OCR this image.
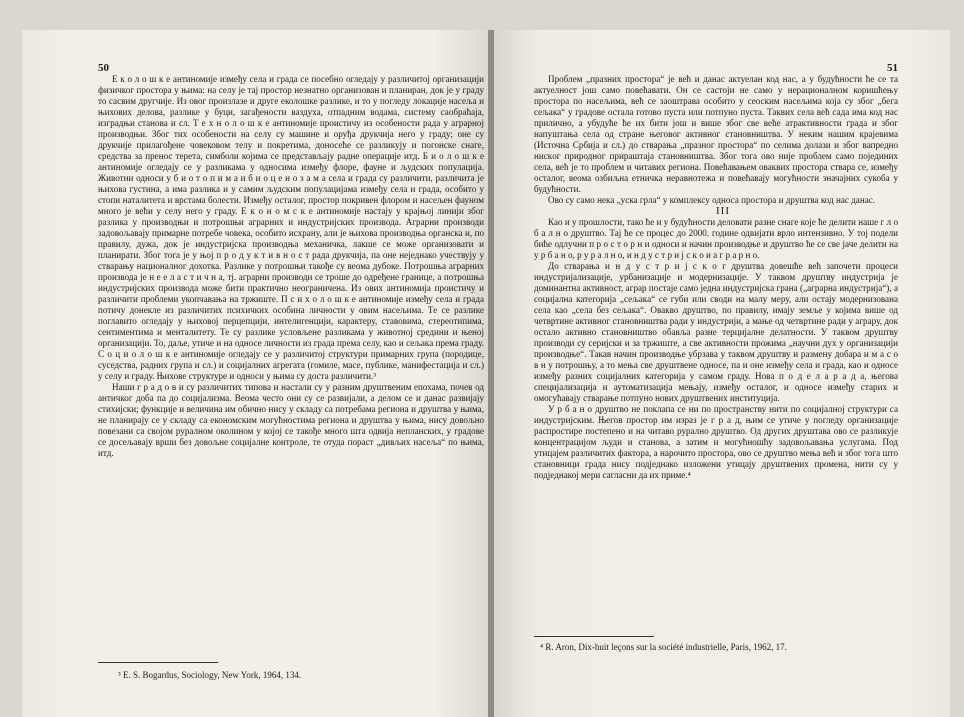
50

Е к о л о ш к е антиномије између села и града се посебно огледају у различитој организацији физичког простора у њима: на селу је тај простор незнатно организован и планиран, док је у граду то сасвим другчије. Из овог произлазе и друге еколошке разлике, и то у погледу локације насеља и њихових делова, разлике у буци, загађености ваздуха, отпадним водама, систему саобраћаја, изградњи станова и сл. Т е х н о л о ш к е антиномије проистичу из особености рада у аграрној производњи. Због тих особености на селу су машине и оруђа друкчија него у граду; оне су друкчије прилагођене човековом телу и покретима, доносеће се разликују и погонске снаге, средства за пренос терета, симболи којима се представљају радне операције итд. Б и о л о ш к е антиномије огледају се у разликама у односима између флоре, фауне и људских популација. Животни односи у б и о т о п и м а и б и о ц е н о з а м а села и града су различити, различита је њихова густина, а има разлика и у самим људским популацијама између села и града, особито у стопи наталитета и врстама болести. Између осталог, простор покривен флором и насељен фауном много је већи у селу него у граду. Е к о н о м с к е антиномије настају у крајњој линији због разлика у производњи и потрошњи аграрних и индустријских производа. Аграрни производи задовољавају примарне потребе човека, особито исхрану, али је њихова производња органска и, по правилу, дужа, док је индустријска производња механичка, лакше се може организовати и планирати. Због тога је у њој п р о д у к т и в н о с т рада друкчија, па оне неједнако учествују у стварању националног дохотка. Разлике у потрошњи такође су веома дубоке. Потрошња аграрних производа је н е е л а с т и ч н а, тј. аграрни производи се троше до одређене границе, а потрошња индустријских производа може бити практично неограничена. Из ових антиномија проистичу и различити проблеми укопчавања на тржиште. П с и х о л о ш к е антиномије између села и града потичу донекле из различитих психичких особина личности у овим насељима. Те се разлике поглавито огледају у њиховој перцепцији, интелигенцији, карактеру, ставовима, стереотипима, сентиментима и менталитету. Те су разлике условљене разликама у животној средини и њеној организацији. То, даље, утиче и на односе личности из града према селу, као и сељака према граду. С о ц и о л о ш к е антиномије огледају се у различитој структури примарних група (породице, суседства, радних група и сл.) и социјалних агрегата (гомиле, масе, публике, манифестација и сл.) у селу и граду. Њихове структуре и односи у њима су доста различити.³

Наши г р а д о в и су различитих типова и настали су у разним друштвеним епохама, почев од античког доба па до социјализма. Веома често они су се развијали, а делом се и данас развијају стихијски; функције и величина им обично нису у складу са потребама региона и друштва у њима, не планирају се у складу са економским могућностима региона и друштва у њима, нису довољно повезани са својом руралном околином у којој се такође много шта одвија непланских, у градове се досељавају врши без довољне социјалне контроле, те отуда пораст „дивљих насеља“ по њима, итд.

³ E. S. Bogardus, Sociology, New York, 1964, 134.
51

Проблем „празних простора“ је већ и данас актуелан код нас, а у будућности ће се та актуелност још само повећавати. Он се састоји не само у нерационалном коришћењу простора по насељима, већ се заоштрава особито у сеоским насељима која су због „бега сељака“ у градове остала готово пуста или потпуно пуста. Таквих села већ сада има код нас прилично, а убудуће ће их бити још и више због све веће атрактивности града и због напуштања села од стране његовог активног становништва. У неким нашим крајевима (Источна Србија и сл.) до стварања „празног простора“ по селима долази и због вапредно нискoг природног прираштаја становништва. Због тога ово није проблем само појединих села, већ је то проблем и читавих региона. Повећавањем оваквих простора ствара се, између осталог, веома озбиљна етничка неравнотежа и повећавају могућности значајних сукоба у будућности.

Ово су само нека „уска грла“ у комплексу односа простора и друштва код нас данас.

III

Као и у прошлости, тако ће и у будућности деловати разне снаге које ће делити наше г л о б а л н о друштво. Тај ће се процес до 2000. године одвијати врло интензивно. У тој подели биће одлучни п р о с т о р н и односи и начин производње и друштво ће се све јаче делити на у р б а н о, р у р а л н о, и н д у с т р и ј с к о и а г р а р н о.

До стварања и н д у с т р и ј с к о г друштва довешће већ започети процеси индустријализације, урбанизације и модернизације. У таквом друштву индустрија је доминантна активност, аграр постаје само једна индустријска грана („аграрна индустрија“), а социјална категорија „сељака“ се губи или своди на малу меру, али остају модернизована села као „села без сељака“. Овакво друштво, по правилу, имају земље у којима више од четвртине активног становништва ради у индустрији, а мање од четвртине ради у аграру, док остало активно становништво обавља разне терцијалне делатности. У таквом друштву производи су серијски и за тржиште, а све активности прожима „научни дух у организацији производње“. Такав начин производње убрзава у таквом друштву и размену добара и м а с о в н у потрошњу, а то мења све друштвене односе, па и оне између села и града, као и односе између разних социјалних категорија у самом граду. Нова п о д е л а р а д а, његова специјализација и аутоматизација мењају, између осталог, и односе између старих и омогућавају стварање потпуно нових друштвених институција.

У р б а н о друштво не поклапа се ни по пространству нити по социјалној структури са индустријским. Његов простор им израз је г р а д, њим се утиче у погледу организације распростире постепено и на читаво рурално друштво. Од других друштава ово се разликује концентрацијом људи и станова, а затим и могућношћу задовољавања услугама. Под утицајем различитих фактора, а нарочито простора, ово се друштво мења већ и због тога што становници града нису подједнако изложени утицају друштвених промена, нити су у подједнакој мери сагласни да их приме.⁴

⁴ R. Aron, Dix-huit leçons sur la société industrielle, Paris, 1962, 17.
